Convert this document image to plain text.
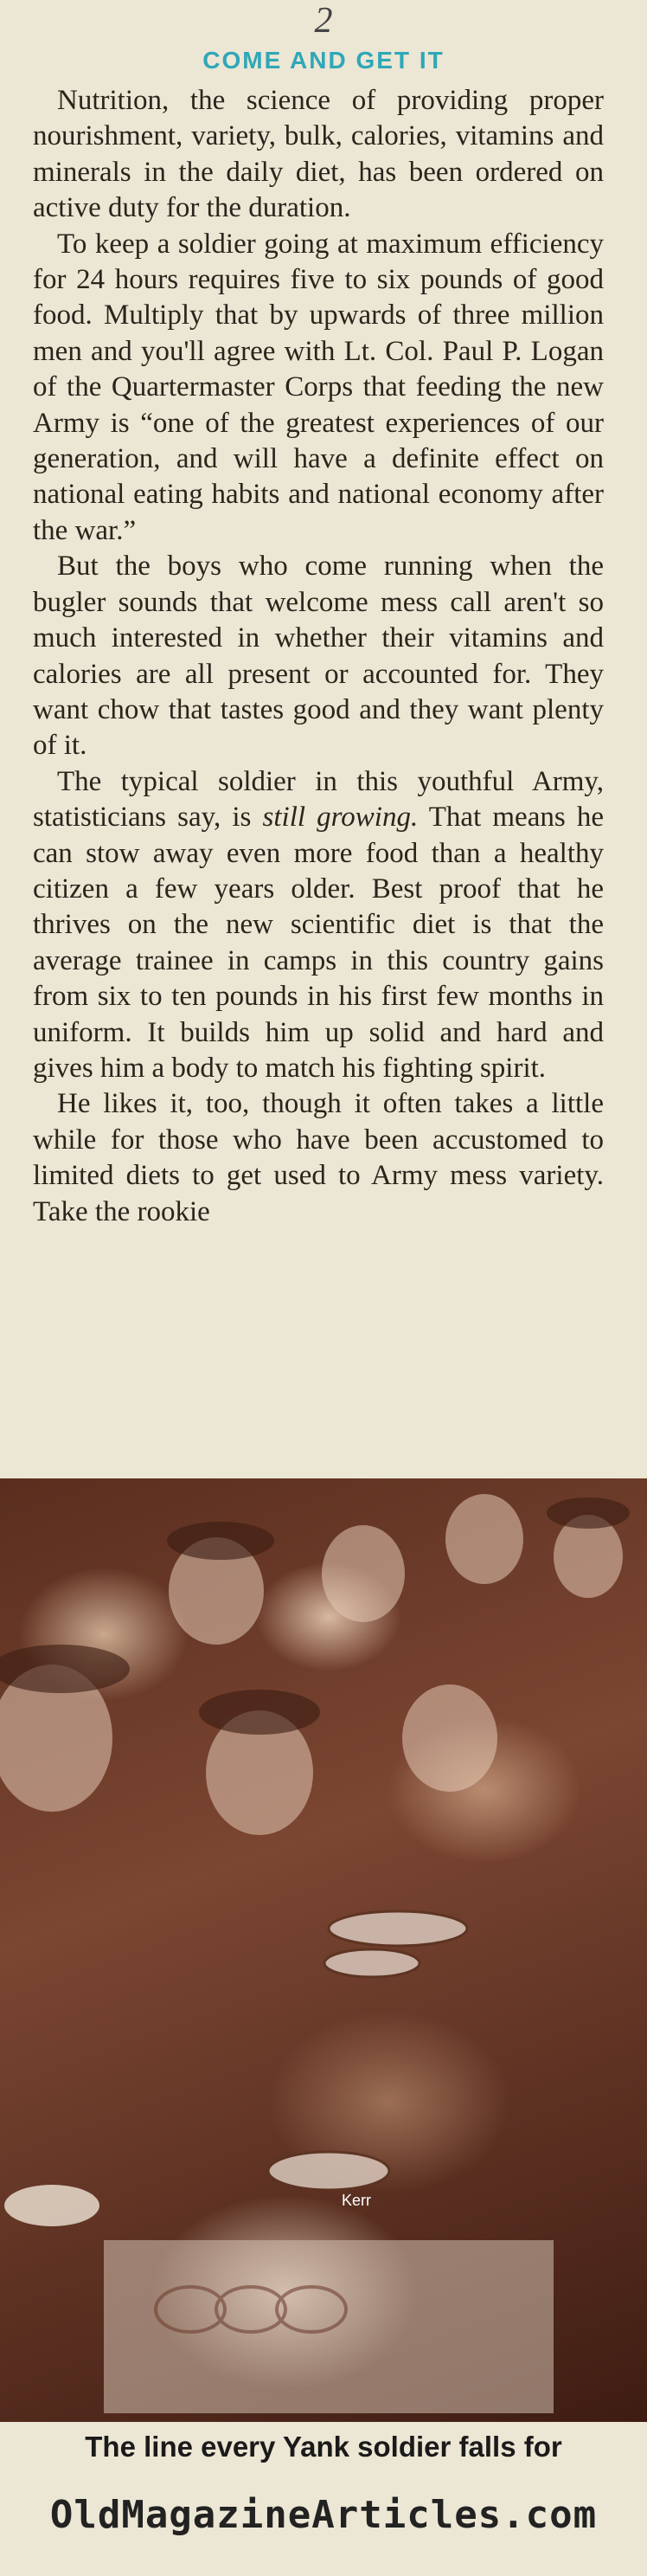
2
COME AND GET IT

Nutrition, the science of providing proper nourishment, variety, bulk, calories, vitamins and minerals in the daily diet, has been ordered on active duty for the duration.

To keep a soldier going at maximum efficiency for 24 hours requires five to six pounds of good food. Multiply that by upwards of three million men and you'll agree with Lt. Col. Paul P. Logan of the Quartermaster Corps that feeding the new Army is “one of the greatest experiences of our generation, and will have a definite effect on national eating habits and national economy after the war.”

But the boys who come running when the bugler sounds that welcome mess call aren't so much interested in whether their vitamins and calories are all present or accounted for. They want chow that tastes good and they want plenty of it.

The typical soldier in this youthful Army, statisticians say, is still growing. That means he can stow away even more food than a healthy citizen a few years older. Best proof that he thrives on the new scientific diet is that the average trainee in camps in this country gains from six to ten pounds in his first few months in uniform. It builds him up solid and hard and gives him a body to match his fighting spirit.

He likes it, too, though it often takes a little while for those who have been accustomed to limited diets to get used to Army mess variety. Take the rookie

Kerr
The line every Yank soldier falls for
OldMagazineArticles.com
